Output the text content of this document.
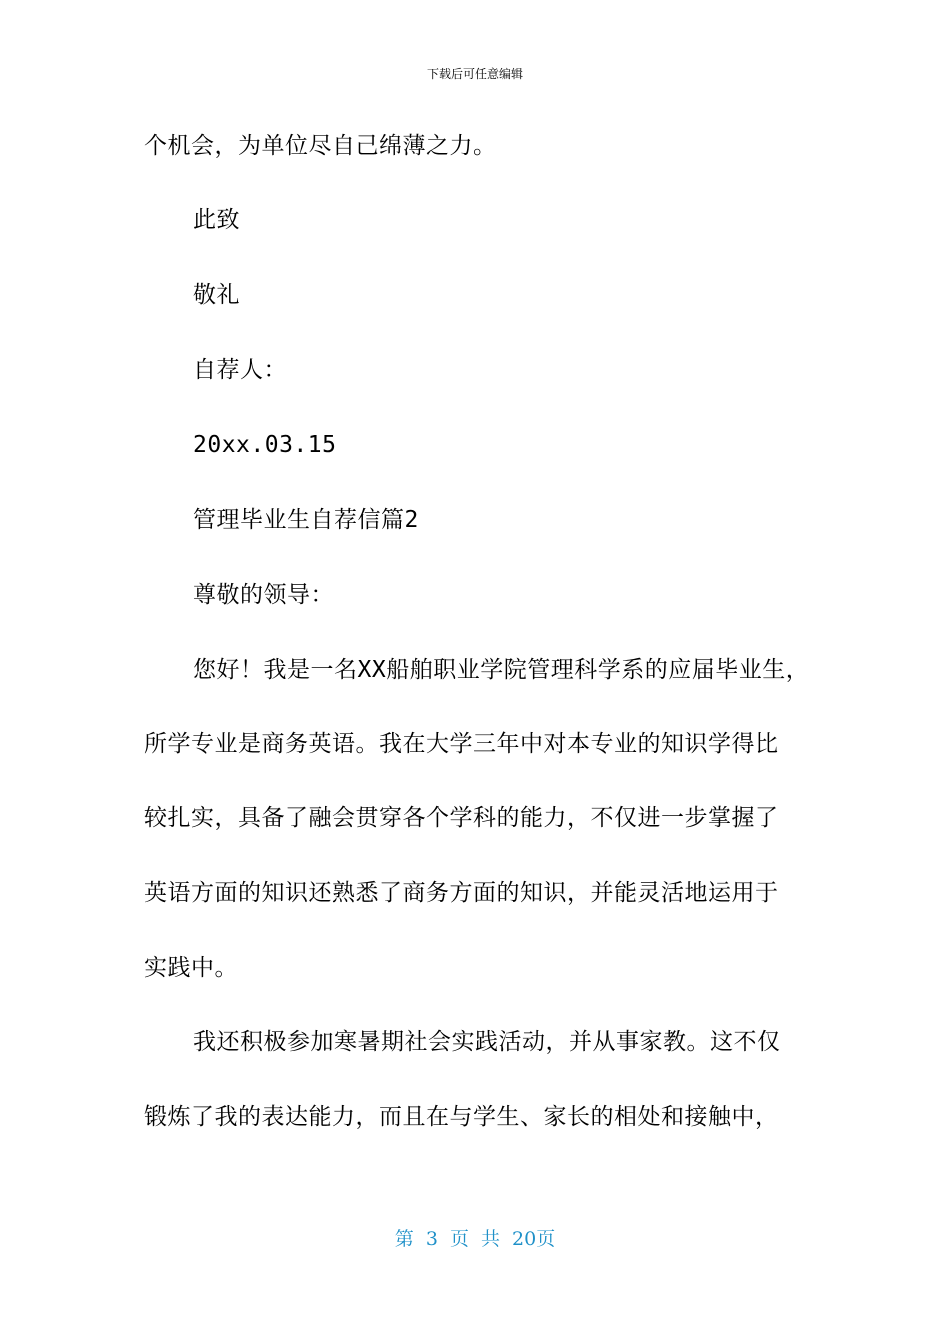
下载后可任意编辑
个机会，为单位尽自己绵薄之力。
此致
敬礼
自荐人：
20xx.03.15
管理毕业生自荐信篇2
尊敬的领导：
您好！我是一名XX船舶职业学院管理科学系的应届毕业生，
所学专业是商务英语。我在大学三年中对本专业的知识学得比
较扎实，具备了融会贯穿各个学科的能力，不仅进一步掌握了
英语方面的知识还熟悉了商务方面的知识，并能灵活地运用于
实践中。
我还积极参加寒暑期社会实践活动，并从事家教。这不仅
锻炼了我的表达能力，而且在与学生、家长的相处和接触中，
第 3 页 共 20页
